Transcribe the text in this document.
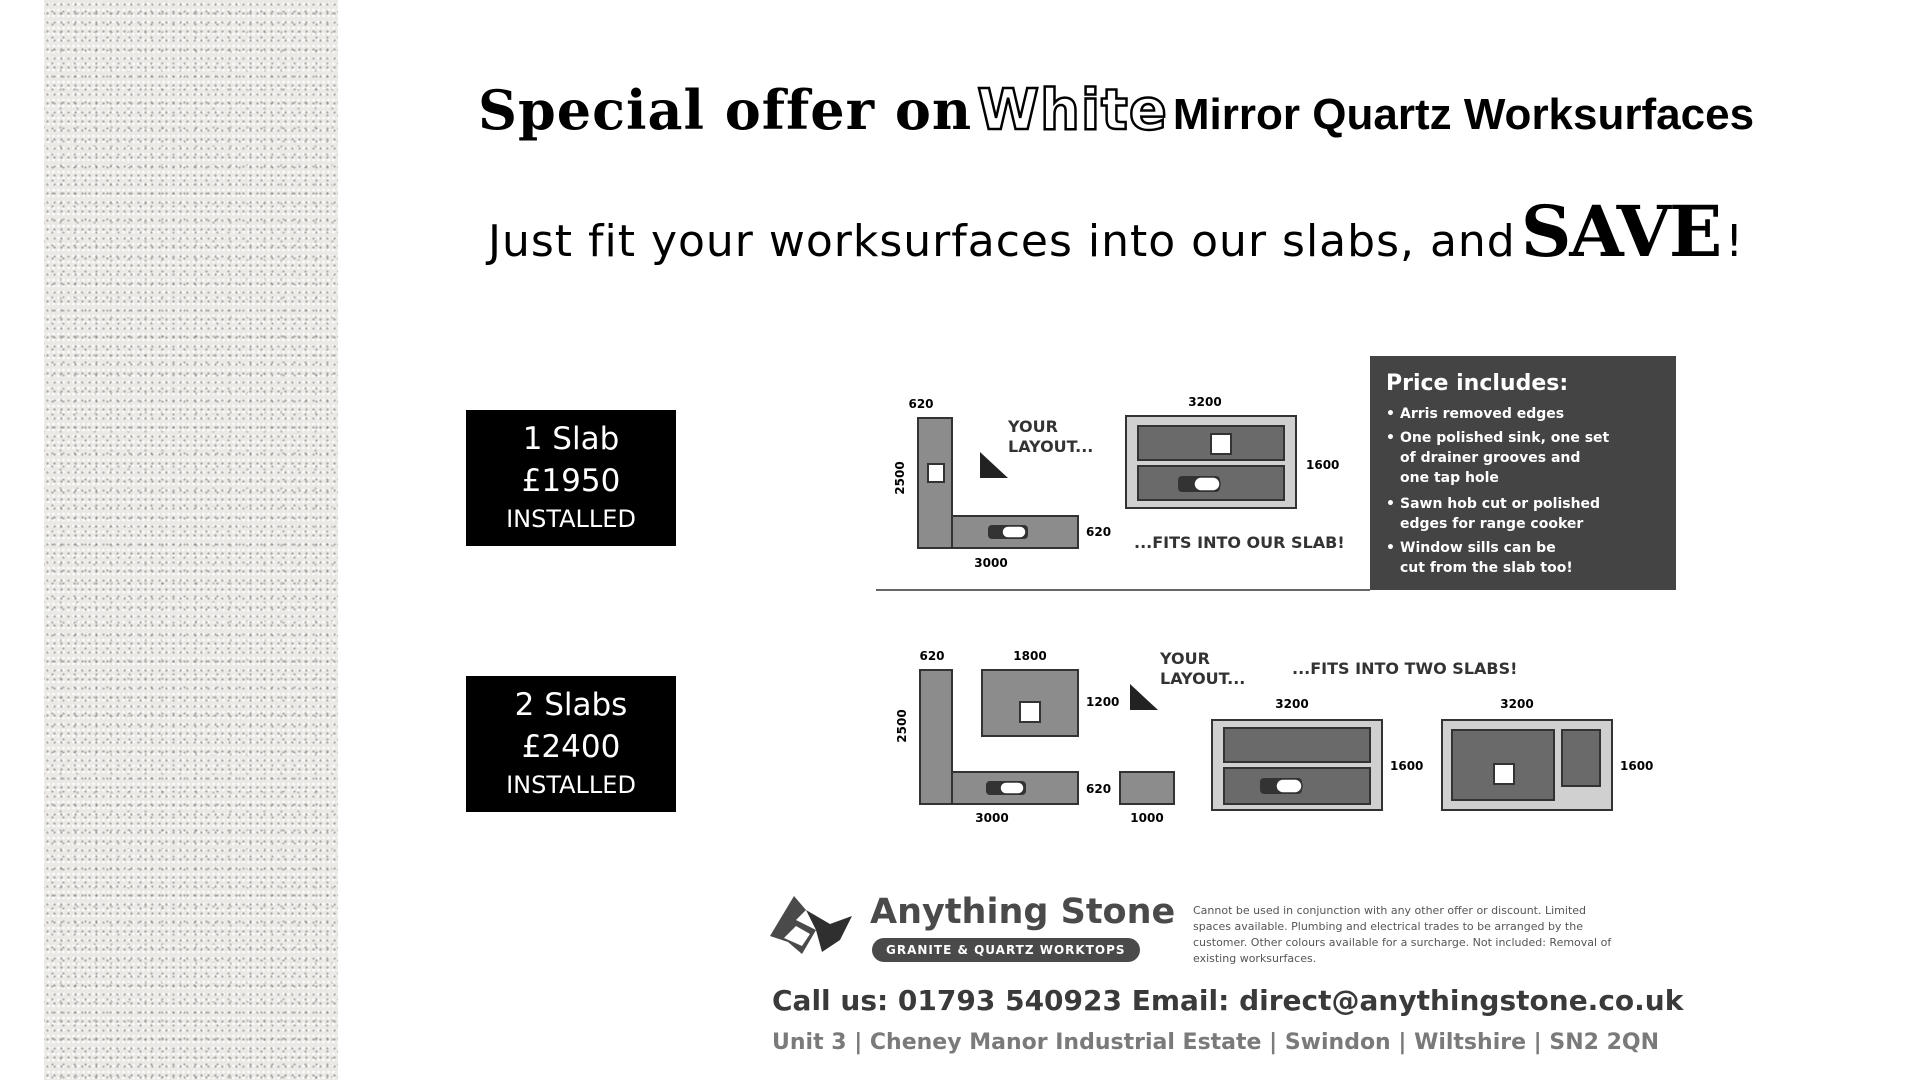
Special offer on White Mirror Quartz Worksurfaces
Just fit your worksurfaces into our slabs, and SAVE !
1 Slab
£1950
INSTALLED
2 Slabs
£2400
INSTALLED
620
2500
620
3000
YOUR
LAYOUT...
3200
1600
...FITS INTO OUR SLAB!
Price includes:
• Arris removed edges
• One polished sink, one set
of drainer grooves and
one tap hole
• Sawn hob cut or polished
edges for range cooker
• Window sills can be
cut from the slab too!
620
2500
620
3000
1800
1200
1000
YOUR
LAYOUT...
...FITS INTO TWO SLABS!
3200
1600
3200
1600
Anything Stone
GRANITE & QUARTZ WORKTOPS
Cannot be used in conjunction with any other offer or discount. Limited spaces available. Plumbing and electrical trades to be arranged by the customer. Other colours available for a surcharge. Not included: Removal of existing worksurfaces.
Call us: 01793 540923 Email: direct@anythingstone.co.uk
Unit 3 | Cheney Manor Industrial Estate | Swindon | Wiltshire | SN2 2QN
